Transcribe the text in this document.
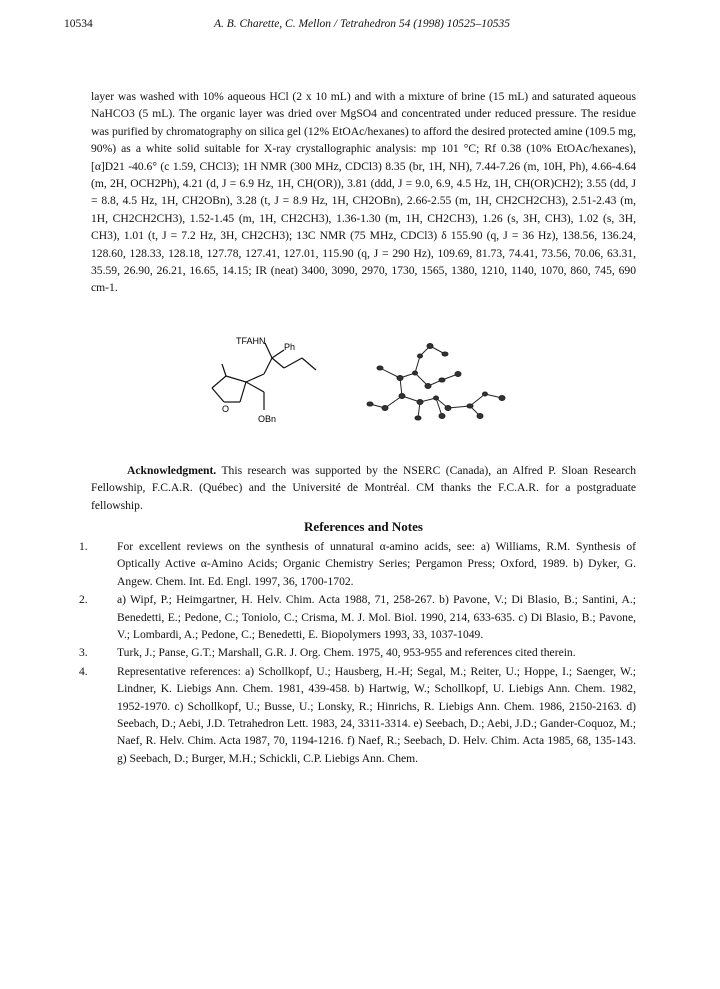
10534	A. B. Charette, C. Mellon / Tetrahedron 54 (1998) 10525–10535
layer was washed with 10% aqueous HCl (2 x 10 mL) and with a mixture of brine (15 mL) and saturated aqueous NaHCO3 (5 mL). The organic layer was dried over MgSO4 and concentrated under reduced pressure. The residue was purified by chromatography on silica gel (12% EtOAc/hexanes) to afford the desired protected amine (109.5 mg, 90%) as a white solid suitable for X-ray crystallographic analysis: mp 101 °C; Rf 0.38 (10% EtOAc/hexanes), [α]D21 -40.6° (c 1.59, CHCl3); 1H NMR (300 MHz, CDCl3) 8.35 (br, 1H, NH), 7.44-7.26 (m, 10H, Ph), 4.66-4.64 (m, 2H, OCH2Ph), 4.21 (d, J = 6.9 Hz, 1H, CH(OR)), 3.81 (ddd, J = 9.0, 6.9, 4.5 Hz, 1H, CH(OR)CH2); 3.55 (dd, J = 8.8, 4.5 Hz, 1H, CH2OBn), 3.28 (t, J = 8.9 Hz, 1H, CH2OBn), 2.66-2.55 (m, 1H, CH2CH2CH3), 2.51-2.43 (m, 1H, CH2CH2CH3), 1.52-1.45 (m, 1H, CH2CH3), 1.36-1.30 (m, 1H, CH2CH3), 1.26 (s, 3H, CH3), 1.02 (s, 3H, CH3), 1.01 (t, J = 7.2 Hz, 3H, CH2CH3); 13C NMR (75 MHz, CDCl3) δ 155.90 (q, J = 36 Hz), 138.56, 136.24, 128.60, 128.33, 128.18, 127.78, 127.41, 127.01, 115.90 (q, J = 290 Hz), 109.69, 81.73, 74.41, 73.56, 70.06, 63.31, 35.59, 26.90, 26.21, 16.65, 14.15; IR (neat) 3400, 3090, 2970, 1730, 1565, 1380, 1210, 1140, 1070, 860, 745, 690 cm-1.
TFAHN
Ph
O
OBn
Acknowledgment. This research was supported by the NSERC (Canada), an Alfred P. Sloan Research Fellowship, F.C.A.R. (Québec) and the Université de Montréal. CM thanks the F.C.A.R. for a postgraduate fellowship.
References and Notes
1.	For excellent reviews on the synthesis of unnatural α-amino acids, see: a) Williams, R.M. Synthesis of Optically Active α-Amino Acids; Organic Chemistry Series; Pergamon Press; Oxford, 1989. b) Dyker, G. Angew. Chem. Int. Ed. Engl. 1997, 36, 1700-1702.
2.	a) Wipf, P.; Heimgartner, H. Helv. Chim. Acta 1988, 71, 258-267. b) Pavone, V.; Di Blasio, B.; Santini, A.; Benedetti, E.; Pedone, C.; Toniolo, C.; Crisma, M. J. Mol. Biol. 1990, 214, 633-635. c) Di Blasio, B.; Pavone, V.; Lombardi, A.; Pedone, C.; Benedetti, E. Biopolymers 1993, 33, 1037-1049.
3.	Turk, J.; Panse, G.T.; Marshall, G.R. J. Org. Chem. 1975, 40, 953-955 and references cited therein.
4.	Representative references: a) Schollkopf, U.; Hausberg, H.-H; Segal, M.; Reiter, U.; Hoppe, I.; Saenger, W.; Lindner, K. Liebigs Ann. Chem. 1981, 439-458. b) Hartwig, W.; Schollkopf, U. Liebigs Ann. Chem. 1982, 1952-1970. c) Schollkopf, U.; Busse, U.; Lonsky, R.; Hinrichs, R. Liebigs Ann. Chem. 1986, 2150-2163. d) Seebach, D.; Aebi, J.D. Tetrahedron Lett. 1983, 24, 3311-3314. e) Seebach, D.; Aebi, J.D.; Gander-Coquoz, M.; Naef, R. Helv. Chim. Acta 1987, 70, 1194-1216. f) Naef, R.; Seebach, D. Helv. Chim. Acta 1985, 68, 135-143. g) Seebach, D.; Burger, M.H.; Schickli, C.P. Liebigs Ann. Chem.
